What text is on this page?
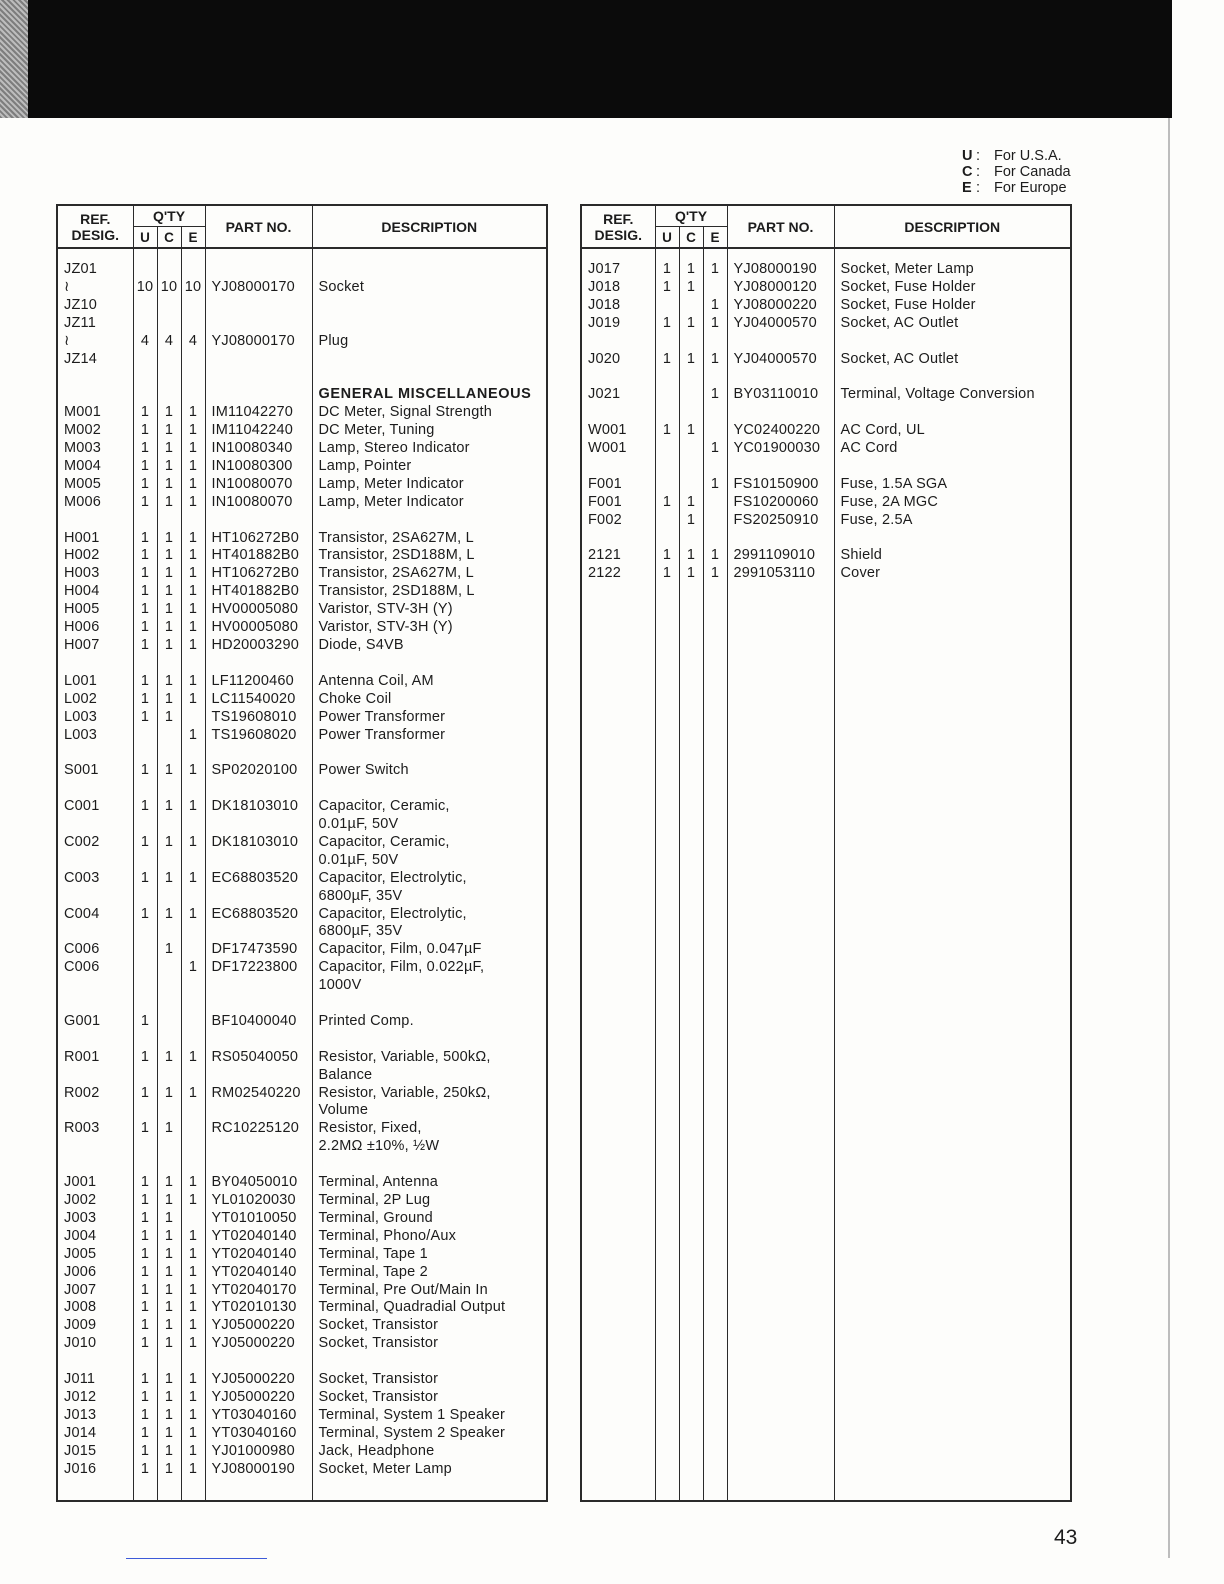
U : For U.S.A.
C : For Canada
E : For Europe
REF.
DESIG.	Q'TY			PART NO.	DESCRIPTION
	U	C	E		

JZ01					
≀	10	10	10	YJ08000170	Socket
JZ10					
JZ11					
≀	4	4	4	YJ08000170	Plug
JZ14					

					GENERAL MISCELLANEOUS
M001	1	1	1	IM11042270	DC Meter, Signal Strength
M002	1	1	1	IM11042240	DC Meter, Tuning
M003	1	1	1	IN10080340	Lamp, Stereo Indicator
M004	1	1	1	IN10080300	Lamp, Pointer
M005	1	1	1	IN10080070	Lamp, Meter Indicator
M006	1	1	1	IN10080070	Lamp, Meter Indicator

H001	1	1	1	HT106272B0	Transistor, 2SA627M, L
H002	1	1	1	HT401882B0	Transistor, 2SD188M, L
H003	1	1	1	HT106272B0	Transistor, 2SA627M, L
H004	1	1	1	HT401882B0	Transistor, 2SD188M, L
H005	1	1	1	HV00005080	Varistor, STV-3H (Y)
H006	1	1	1	HV00005080	Varistor, STV-3H (Y)
H007	1	1	1	HD20003290	Diode, S4VB

L001	1	1	1	LF11200460	Antenna Coil, AM
L002	1	1	1	LC11540020	Choke Coil
L003	1	1		TS19608010	Power Transformer
L003			1	TS19608020	Power Transformer

S001	1	1	1	SP02020100	Power Switch

C001	1	1	1	DK18103010	Capacitor, Ceramic,
					0.01µF, 50V
C002	1	1	1	DK18103010	Capacitor, Ceramic,
					0.01µF, 50V
C003	1	1	1	EC68803520	Capacitor, Electrolytic,
					6800µF, 35V
C004	1	1	1	EC68803520	Capacitor, Electrolytic,
					6800µF, 35V
C006		1		DF17473590	Capacitor, Film, 0.047µF
C006			1	DF17223800	Capacitor, Film, 0.022µF,
					1000V

G001	1			BF10400040	Printed Comp.

R001	1	1	1	RS05040050	Resistor, Variable, 500kΩ,
					Balance
R002	1	1	1	RM02540220	Resistor, Variable, 250kΩ,
					Volume
R003	1	1		RC10225120	Resistor, Fixed,
					2.2MΩ ±10%, ½W

J001	1	1	1	BY04050010	Terminal, Antenna
J002	1	1	1	YL01020030	Terminal, 2P Lug
J003	1	1		YT01010050	Terminal, Ground
J004	1	1	1	YT02040140	Terminal, Phono/Aux
J005	1	1	1	YT02040140	Terminal, Tape 1
J006	1	1	1	YT02040140	Terminal, Tape 2
J007	1	1	1	YT02040170	Terminal, Pre Out/Main In
J008	1	1	1	YT02010130	Terminal, Quadradial Output
J009	1	1	1	YJ05000220	Socket, Transistor
J010	1	1	1	YJ05000220	Socket, Transistor

J011	1	1	1	YJ05000220	Socket, Transistor
J012	1	1	1	YJ05000220	Socket, Transistor
J013	1	1	1	YT03040160	Terminal, System 1 Speaker
J014	1	1	1	YT03040160	Terminal, System 2 Speaker
J015	1	1	1	YJ01000980	Jack, Headphone
J016	1	1	1	YJ08000190	Socket, Meter Lamp

REF.
DESIG.	Q'TY			PART NO.	DESCRIPTION
	U	C	E		

J017	1	1	1	YJ08000190	Socket, Meter Lamp
J018	1	1		YJ08000120	Socket, Fuse Holder
J018			1	YJ08000220	Socket, Fuse Holder
J019	1	1	1	YJ04000570	Socket, AC Outlet

J020	1	1	1	YJ04000570	Socket, AC Outlet

J021			1	BY03110010	Terminal, Voltage Conversion

W001	1	1		YC02400220	AC Cord, UL
W001			1	YC01900030	AC Cord

F001			1	FS10150900	Fuse, 1.5A SGA
F001	1	1		FS10200060	Fuse, 2A MGC
F002		1		FS20250910	Fuse, 2.5A

2121	1	1	1	2991109010	Shield
2122	1	1	1	2991053110	Cover

43
